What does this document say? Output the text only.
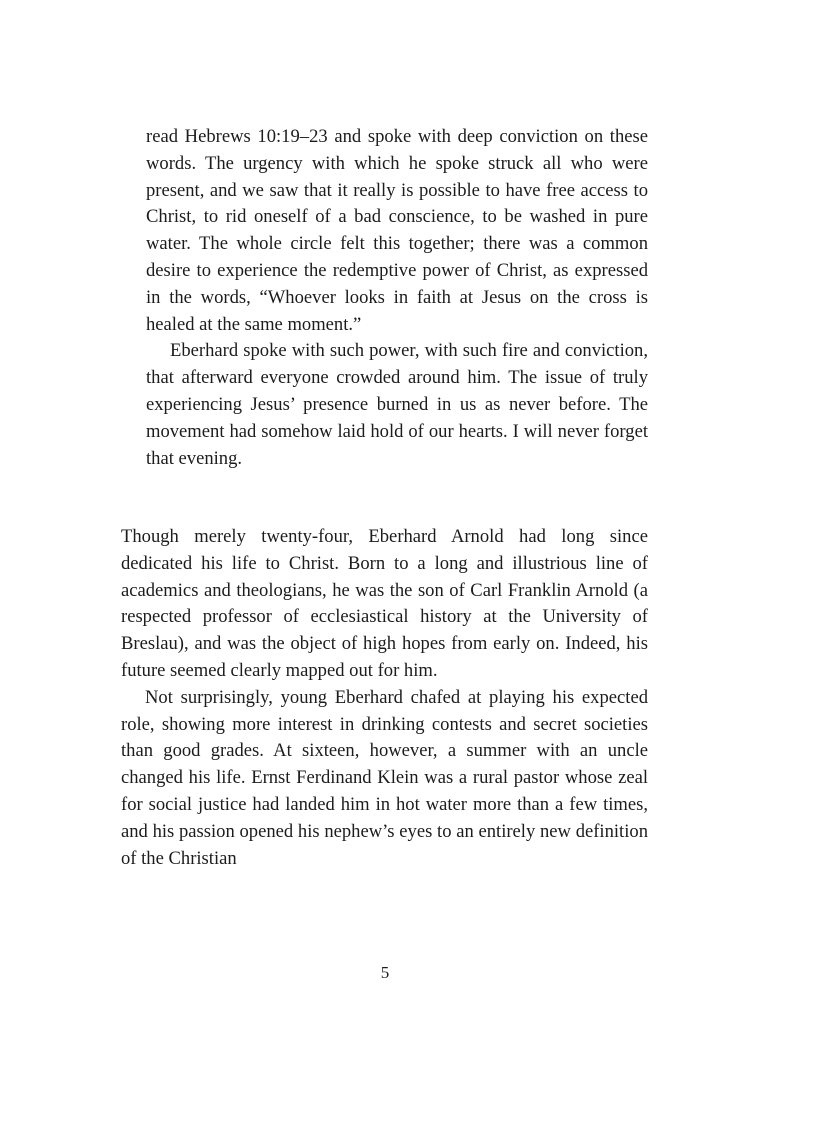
read Hebrews 10:19–23 and spoke with deep conviction on these words. The urgency with which he spoke struck all who were present, and we saw that it really is possible to have free access to Christ, to rid oneself of a bad conscience, to be washed in pure water. The whole circle felt this together; there was a common desire to experience the redemptive power of Christ, as expressed in the words, “Whoever looks in faith at Jesus on the cross is healed at the same moment.”

Eberhard spoke with such power, with such fire and conviction, that afterward everyone crowded around him. The issue of truly experiencing Jesus’ presence burned in us as never before. The movement had somehow laid hold of our hearts. I will never forget that evening.

Though merely twenty-four, Eberhard Arnold had long since dedicated his life to Christ. Born to a long and illustrious line of academics and theologians, he was the son of Carl Franklin Arnold (a respected professor of ecclesiastical history at the University of Breslau), and was the object of high hopes from early on. Indeed, his future seemed clearly mapped out for him.

Not surprisingly, young Eberhard chafed at playing his expected role, showing more interest in drinking contests and secret societies than good grades. At sixteen, however, a summer with an uncle changed his life. Ernst Ferdinand Klein was a rural pastor whose zeal for social justice had landed him in hot water more than a few times, and his passion opened his nephew’s eyes to an entirely new definition of the Christian

5
